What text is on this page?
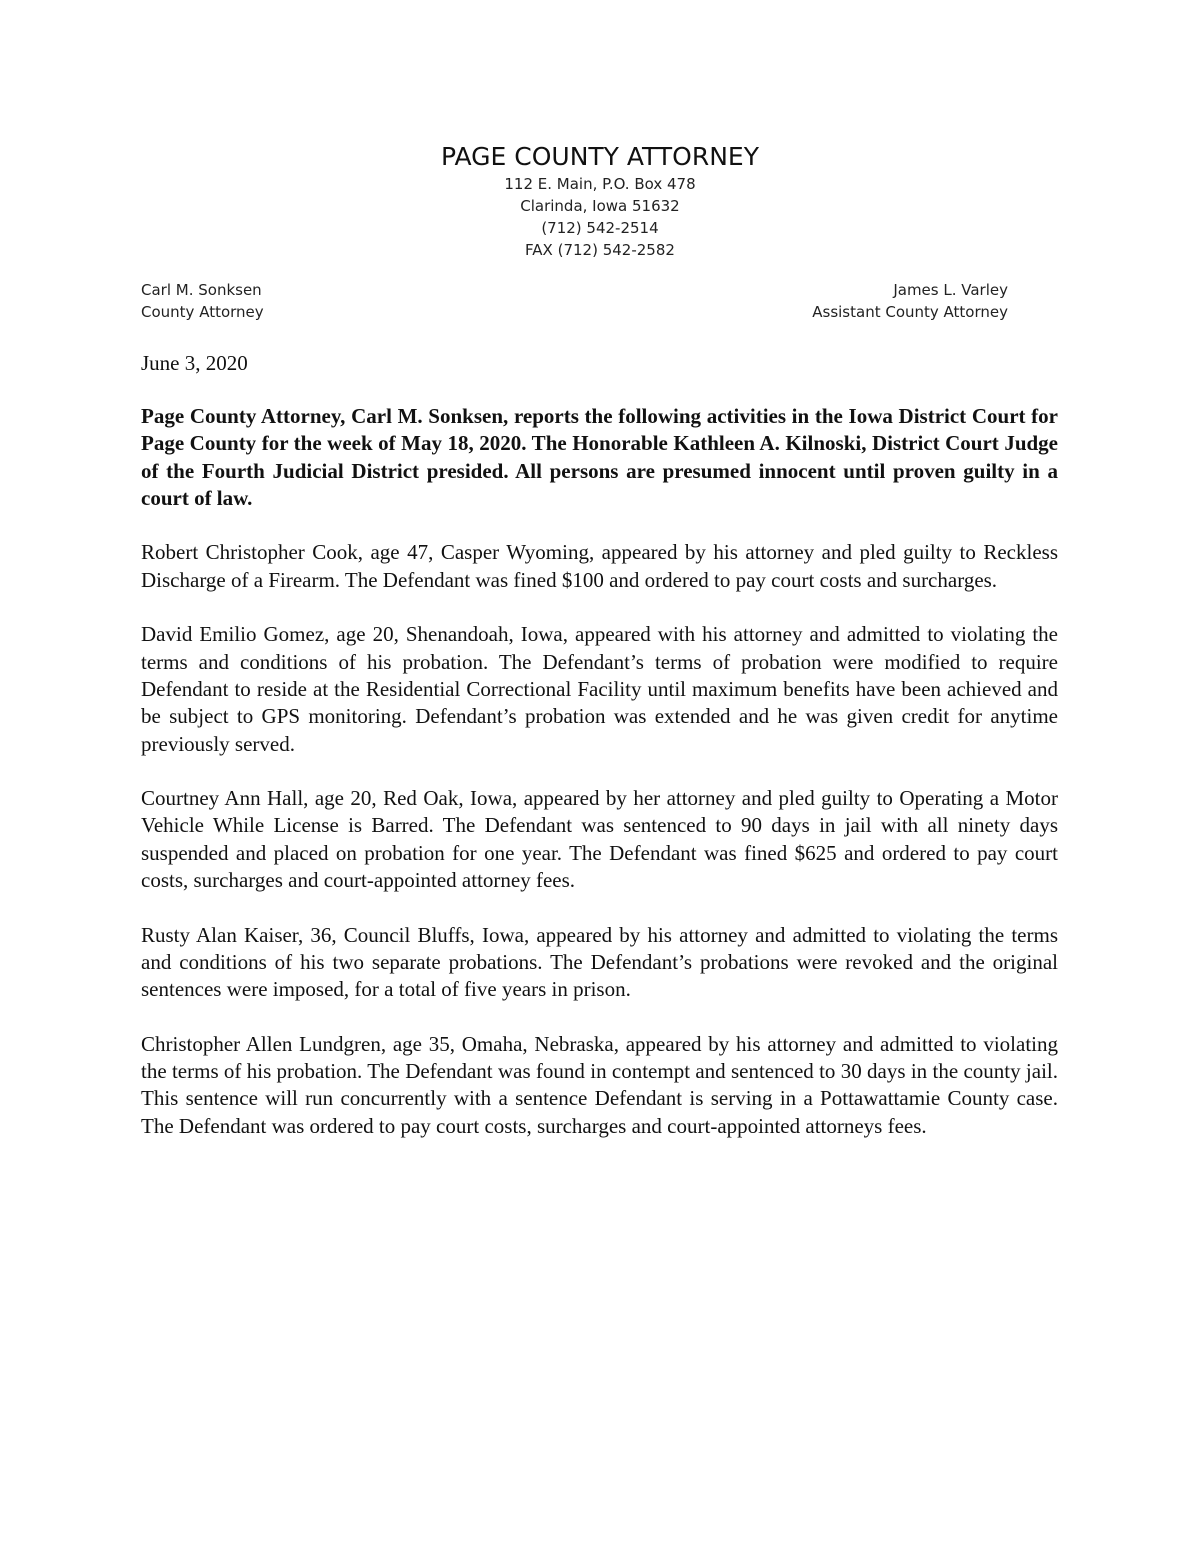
PAGE COUNTY ATTORNEY
112 E. Main, P.O. Box 478
Clarinda, Iowa 51632
(712) 542-2514
FAX (712) 542-2582
Carl M. Sonksen
County Attorney
James L. Varley
Assistant County Attorney
June 3, 2020

Page County Attorney, Carl M. Sonksen, reports the following activities in the Iowa District Court for Page County for the week of May 18, 2020. The Honorable Kathleen A. Kilnoski, District Court Judge of the Fourth Judicial District presided. All persons are presumed innocent until proven guilty in a court of law.

Robert Christopher Cook, age 47, Casper Wyoming, appeared by his attorney and pled guilty to Reckless Discharge of a Firearm. The Defendant was fined $100 and ordered to pay court costs and surcharges.

David Emilio Gomez, age 20, Shenandoah, Iowa, appeared with his attorney and admitted to violating the terms and conditions of his probation. The Defendant’s terms of probation were modified to require Defendant to reside at the Residential Correctional Facility until maximum benefits have been achieved and be subject to GPS monitoring. Defendant’s probation was extended and he was given credit for anytime previously served.

Courtney Ann Hall, age 20, Red Oak, Iowa, appeared by her attorney and pled guilty to Operating a Motor Vehicle While License is Barred. The Defendant was sentenced to 90 days in jail with all ninety days suspended and placed on probation for one year. The Defendant was fined $625 and ordered to pay court costs, surcharges and court-appointed attorney fees.

Rusty Alan Kaiser, 36, Council Bluffs, Iowa, appeared by his attorney and admitted to violating the terms and conditions of his two separate probations. The Defendant’s probations were revoked and the original sentences were imposed, for a total of five years in prison.

Christopher Allen Lundgren, age 35, Omaha, Nebraska, appeared by his attorney and admitted to violating the terms of his probation. The Defendant was found in contempt and sentenced to 30 days in the county jail. This sentence will run concurrently with a sentence Defendant is serving in a Pottawattamie County case. The Defendant was ordered to pay court costs, surcharges and court-appointed attorneys fees.
